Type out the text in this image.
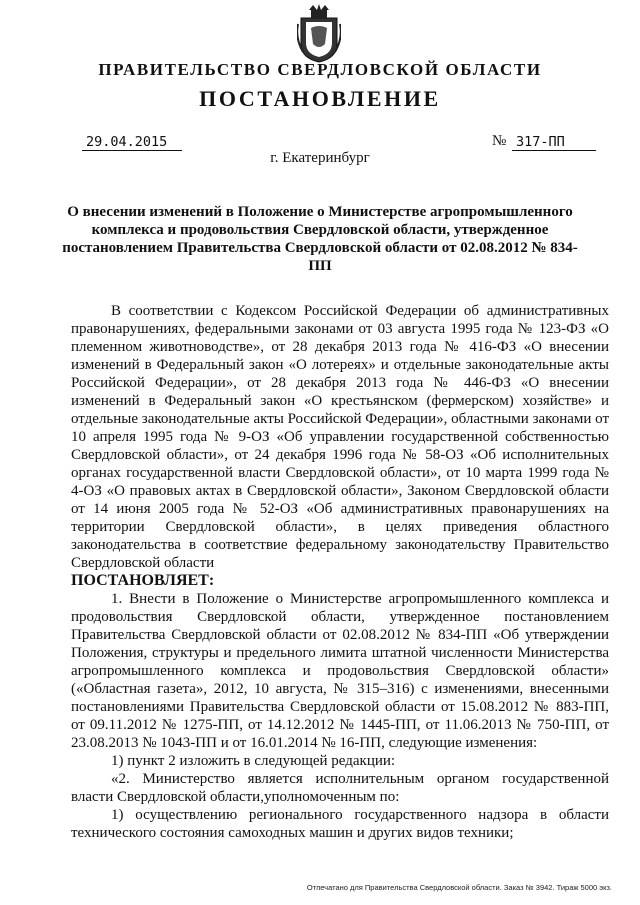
ПРАВИТЕЛЬСТВО СВЕРДЛОВСКОЙ ОБЛАСТИ
ПОСТАНОВЛЕНИЕ
29.04.2015	№ 317-ПП
г. Екатеринбург
О внесении изменений в Положение о Министерстве агропромышленного комплекса и продовольствия Свердловской области, утвержденное постановлением Правительства Свердловской области от 02.08.2012 № 834-ПП

В соответствии с Кодексом Российской Федерации об административных правонарушениях, федеральными законами от 03 августа 1995 года № 123-ФЗ «О племенном животноводстве», от 28 декабря 2013 года № 416-ФЗ «О внесении изменений в Федеральный закон «О лотереях» и отдельные законодательные акты Российской Федерации», от 28 декабря 2013 года № 446-ФЗ «О внесении изменений в Федеральный закон «О крестьянском (фермерском) хозяйстве» и отдельные законодательные акты Российской Федерации», областными законами от 10 апреля 1995 года № 9-ОЗ «Об управлении государственной собственностью Свердловской области», от 24 декабря 1996 года № 58-ОЗ «Об исполнительных органах государственной власти Свердловской области», от 10 марта 1999 года № 4-ОЗ «О правовых актах в Свердловской области», Законом Свердловской области от 14 июня 2005 года № 52-ОЗ «Об административных правонарушениях на территории Свердловской области», в целях приведения областного законодательства в соответствие федеральному законодательству Правительство Свердловской области

ПОСТАНОВЛЯЕТ:

1. Внести в Положение о Министерстве агропромышленного комплекса и продовольствия Свердловской области, утвержденное постановлением Правительства Свердловской области от 02.08.2012 № 834-ПП «Об утверждении Положения, структуры и предельного лимита штатной численности Министерства агропромышленного комплекса и продовольствия Свердловской области» («Областная газета», 2012, 10 августа, № 315–316) с изменениями, внесенными постановлениями Правительства Свердловской области от 15.08.2012 № 883-ПП, от 09.11.2012 № 1275-ПП, от 14.12.2012 № 1445-ПП, от 11.06.2013 № 750-ПП, от 23.08.2013 № 1043-ПП и от 16.01.2014 № 16-ПП, следующие изменения:

1) пункт 2 изложить в следующей редакции:

«2. Министерство является исполнительным органом государственной власти Свердловской области,уполномоченным по:

1) осуществлению регионального государственного надзора в области технического состояния самоходных машин и других видов техники;

Отпечатано для Правительства Свердловской области. Заказ № 3942. Тираж 5000 экз.
